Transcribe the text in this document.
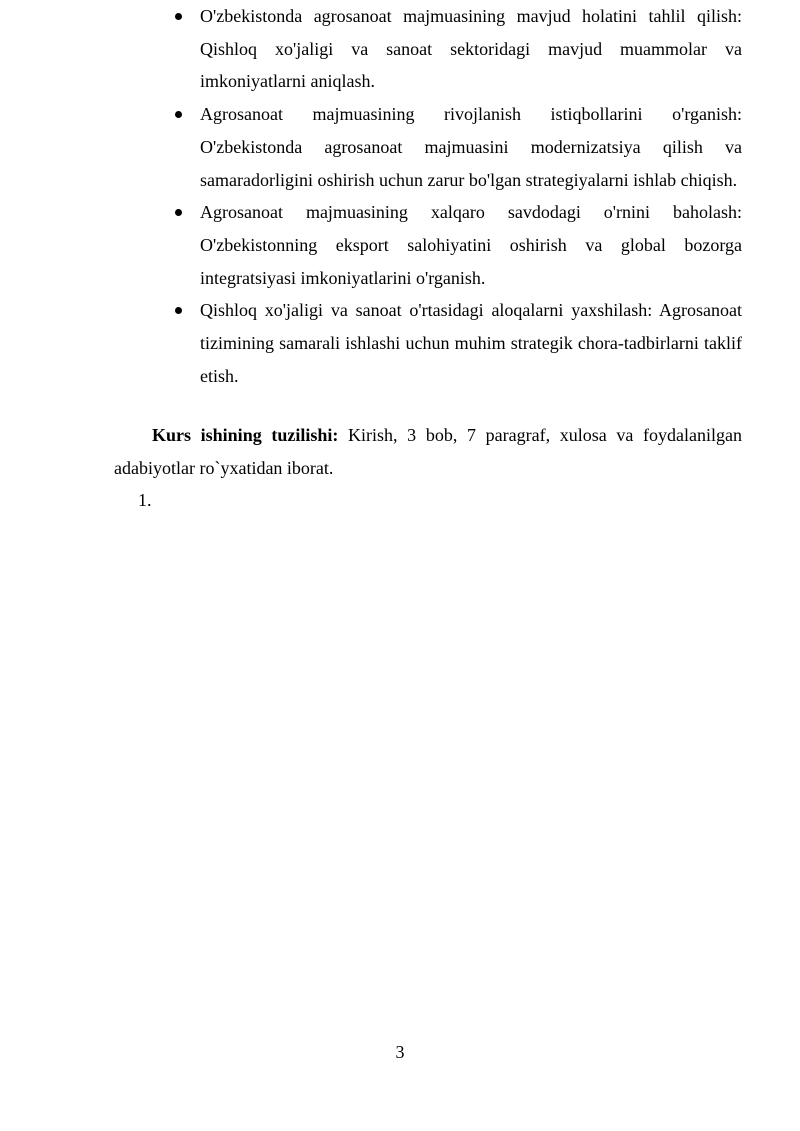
O'zbekistonda agrosanoat majmuasining mavjud holatini tahlil qilish: Qishloq xo'jaligi va sanoat sektoridagi mavjud muammolar va imkoniyatlarni aniqlash.
Agrosanoat majmuasining rivojlanish istiqbollarini o'rganish: O'zbekistonda agrosanoat majmuasini modernizatsiya qilish va samaradorligini oshirish uchun zarur bo'lgan strategiyalarni ishlab chiqish.
Agrosanoat majmuasining xalqaro savdodagi o'rnini baholash: O'zbekistonning eksport salohiyatini oshirish va global bozorga integratsiyasi imkoniyatlarini o'rganish.
Qishloq xo'jaligi va sanoat o'rtasidagi aloqalarni yaxshilash: Agrosanoat tizimining samarali ishlashi uchun muhim strategik chora-tadbirlarni taklif etish.

Kurs ishining tuzilishi: Kirish, 3 bob, 7 paragraf, xulosa va foydalanilgan adabiyotlar ro`yxatidan iborat.

1.

3
